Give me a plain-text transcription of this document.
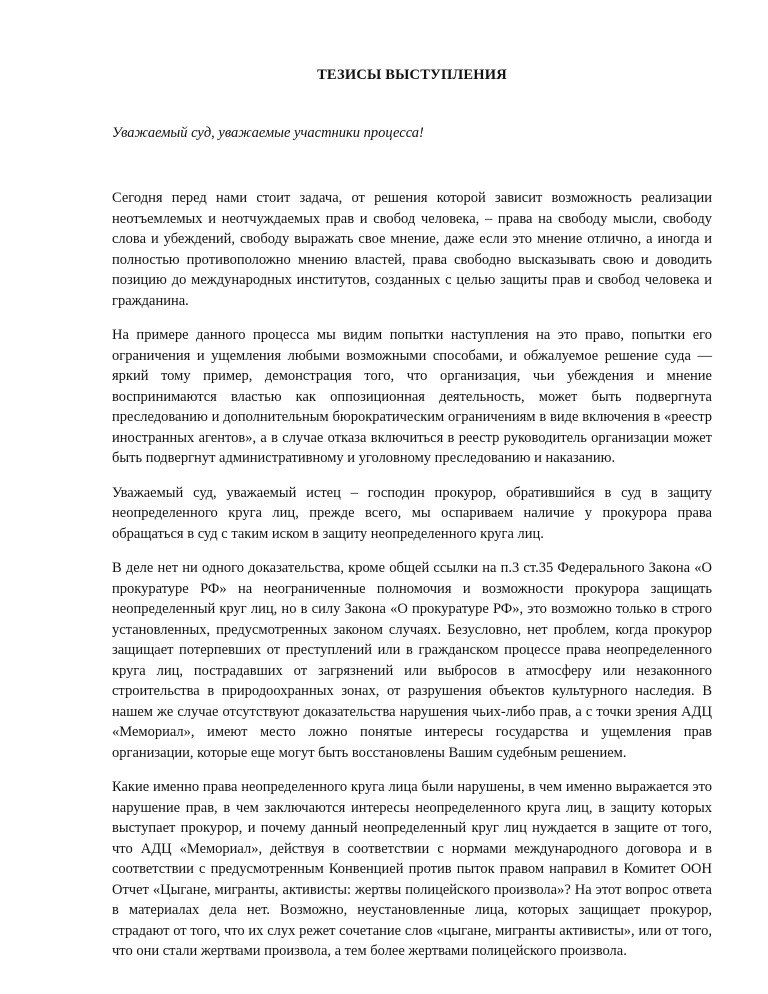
ТЕЗИСЫ ВЫСТУПЛЕНИЯ
Уважаемый суд, уважаемые участники процесса!

Сегодня перед нами стоит задача, от решения которой зависит возможность реализации неотъемлемых и неотчуждаемых прав и свобод человека, – права на свободу мысли, свободу слова и убеждений, свободу выражать свое мнение, даже если это мнение отлично, а иногда и полностью противоположно мнению властей, права свободно высказывать свою и доводить позицию до международных институтов, созданных с целью защиты прав и свобод человека и гражданина.

На примере данного процесса мы видим попытки наступления на это право, попытки его ограничения и ущемления любыми возможными способами, и обжалуемое решение суда — яркий тому пример, демонстрация того, что организация, чьи убеждения и мнение воспринимаются властью как оппозиционная деятельность, может быть подвергнута преследованию и дополнительным бюрократическим ограничениям в виде включения в «реестр иностранных агентов», а в случае отказа включиться в реестр руководитель организации может быть подвергнут административному и уголовному преследованию и наказанию.

Уважаемый суд, уважаемый истец – господин прокурор, обратившийся в суд в защиту неопределенного круга лиц, прежде всего, мы оспариваем наличие у прокурора права обращаться в суд с таким иском в защиту неопределенного круга лиц.

В деле нет ни одного доказательства, кроме общей ссылки на п.3 ст.35 Федерального Закона «О прокуратуре РФ» на неограниченные полномочия и возможности прокурора защищать неопределенный круг лиц, но в силу Закона «О прокуратуре РФ», это возможно только в строго установленных, предусмотренных законом случаях. Безусловно, нет проблем, когда прокурор защищает потерпевших от преступлений или в гражданском процессе права неопределенного круга лиц, пострадавших от загрязнений или выбросов в атмосферу или незаконного строительства в природоохранных зонах, от разрушения объектов культурного наследия. В нашем же случае отсутствуют доказательства нарушения чьих-либо прав, а с точки зрения АДЦ «Мемориал», имеют место ложно понятые интересы государства и ущемления прав организации, которые еще могут быть восстановлены Вашим судебным решением.

Какие именно права неопределенного круга лица были нарушены, в чем именно выражается это нарушение прав, в чем заключаются интересы неопределенного круга лиц, в защиту которых выступает прокурор, и почему данный неопределенный круг лиц нуждается в защите от того, что АДЦ «Мемориал», действуя в соответствии с нормами международного договора и в соответствии с предусмотренным Конвенцией против пыток правом направил в Комитет ООН Отчет «Цыгане, мигранты, активисты: жертвы полицейского произвола»? На этот вопрос ответа в материалах дела нет. Возможно, неустановленные лица, которых защищает прокурор, страдают от того, что их слух режет сочетание слов «цыгане, мигранты активисты», или от того, что они стали жертвами произвола, а тем более жертвами полицейского произвола.
